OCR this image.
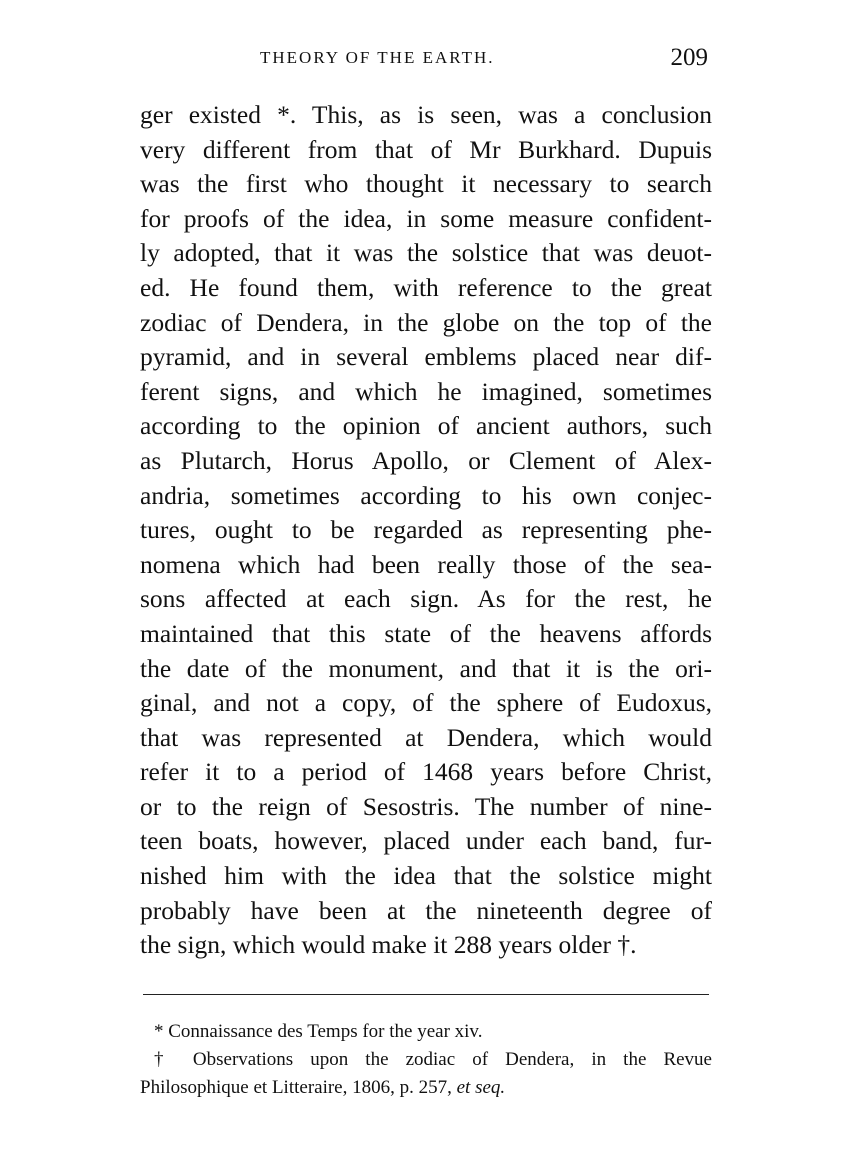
THEORY OF THE EARTH.	209
ger existed *. This, as is seen, was a conclusion
very different from that of Mr Burkhard. Dupuis
was the first who thought it necessary to search
for proofs of the idea, in some measure confident-
ly adopted, that it was the solstice that was deuot-
ed. He found them, with reference to the great
zodiac of Dendera, in the globe on the top of the
pyramid, and in several emblems placed near dif-
ferent signs, and which he imagined, sometimes
according to the opinion of ancient authors, such
as Plutarch, Horus Apollo, or Clement of Alex-
andria, sometimes according to his own conjec-
tures, ought to be regarded as representing phe-
nomena which had been really those of the sea-
sons affected at each sign. As for the rest, he
maintained that this state of the heavens affords
the date of the monument, and that it is the ori-
ginal, and not a copy, of the sphere of Eudoxus,
that was represented at Dendera, which would
refer it to a period of 1468 years before Christ,
or to the reign of Sesostris. The number of nine-
teen boats, however, placed under each band, fur-
nished him with the idea that the solstice might
probably have been at the nineteenth degree of
the sign, which would make it 288 years older †.
* Connaissance des Temps for the year xiv.
† Observations upon the zodiac of Dendera, in the Revue
Philosophique et Litteraire, 1806, p. 257, et seq.
